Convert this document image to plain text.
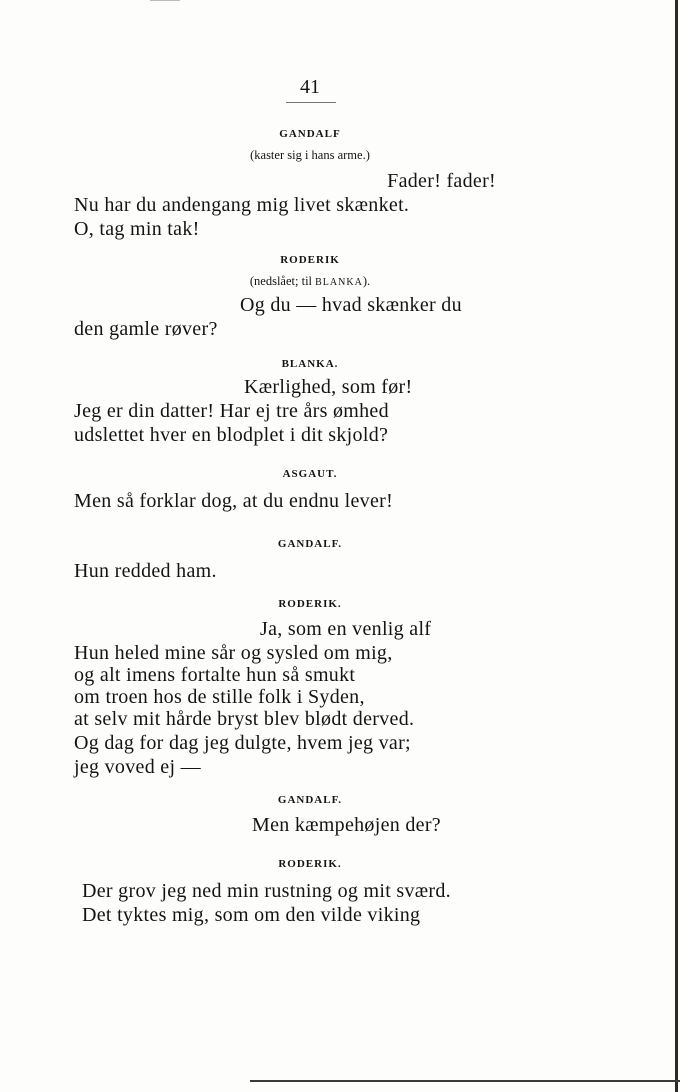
41
GANDALF
(kaster sig i hans arme.)
Fader! fader!
Nu har du andengang mig livet skænket.
O, tag min tak!
RODERIK
(nedslået; til BLANKA).
Og du — hvad skænker du
den gamle røver?
BLANKA.
Kærlighed, som før!
Jeg er din datter! Har ej tre års ømhed
udslettet hver en blodplet i dit skjold?
ASGAUT.
Men så forklar dog, at du endnu lever!
GANDALF.
Hun redded ham.
RODERIK.
Ja, som en venlig alf
Hun heled mine sår og sysled om mig,
og alt imens fortalte hun så smukt
om troen hos de stille folk i Syden,
at selv mit hårde bryst blev blødt derved.
Og dag for dag jeg dulgte, hvem jeg var;
jeg voved ej —
GANDALF.
Men kæmpehøjen der?
RODERIK.
Der grov jeg ned min rustning og mit sværd.
Det tyktes mig, som om den vilde viking
